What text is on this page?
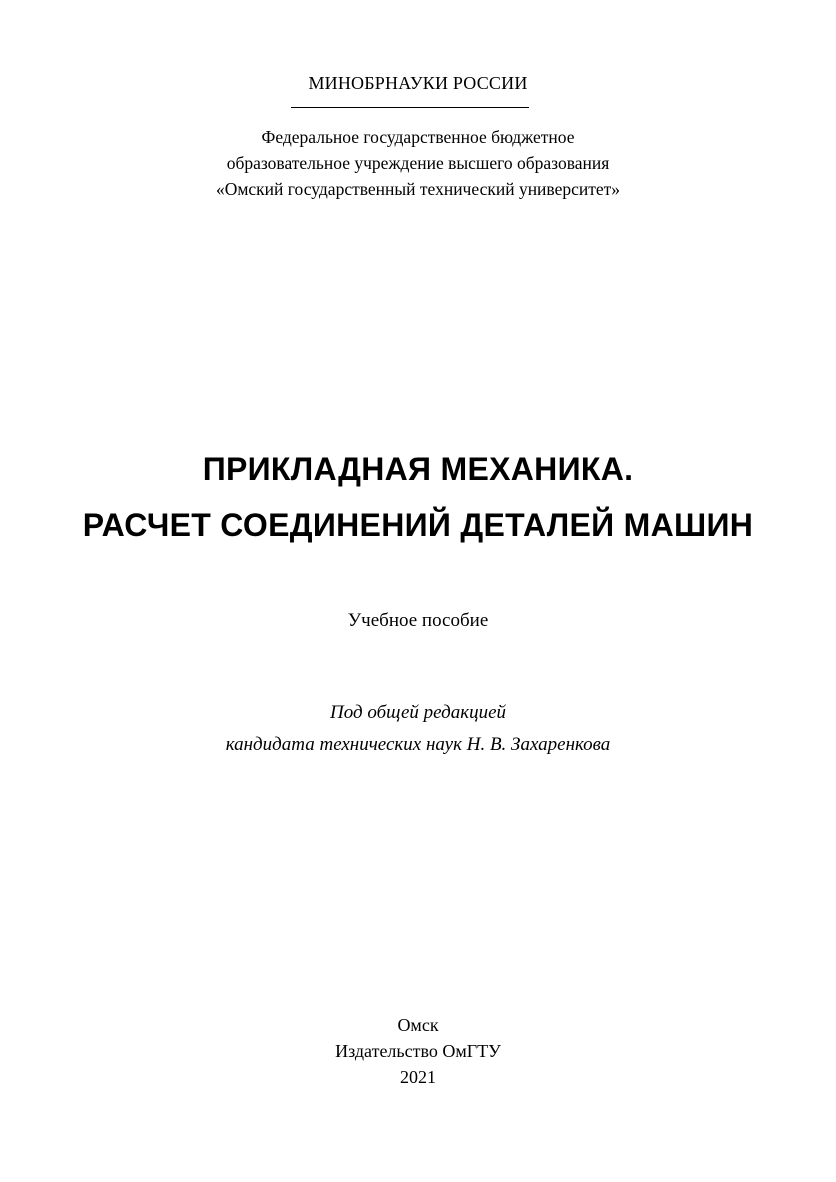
МИНОБРНАУКИ РОССИИ
Федеральное государственное бюджетное
образовательное учреждение высшего образования
«Омский государственный технический университет»
ПРИКЛАДНАЯ МЕХАНИКА.
РАСЧЕТ СОЕДИНЕНИЙ ДЕТАЛЕЙ МАШИН
Учебное пособие
Под общей редакцией
кандидата технических наук Н. В. Захаренкова
Омск
Издательство ОмГТУ
2021
